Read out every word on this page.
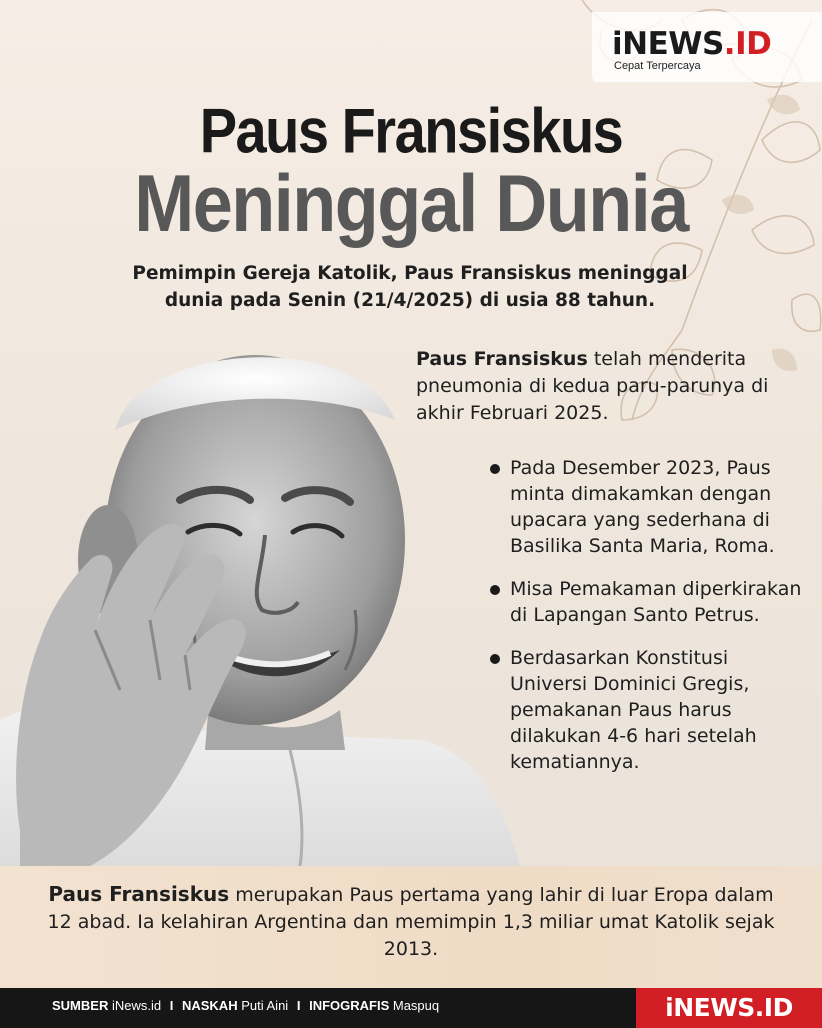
iNEWS.ID
Cepat Terpercaya
Paus Fransiskus
Meninggal Dunia
Pemimpin Gereja Katolik, Paus Fransiskus meninggal
dunia pada Senin (21/4/2025) di usia 88 tahun.

Paus Fransiskus telah menderita pneumonia di kedua paru-parunya di akhir Februari 2025.

Pada Desember 2023, Paus minta dimakamkan dengan upacara yang sederhana di Basilika Santa Maria, Roma.
Misa Pemakaman diperkirakan di Lapangan Santo Petrus.
Berdasarkan Konstitusi Universi Dominici Gregis, pemakanan Paus harus dilakukan 4-6 hari setelah kematiannya.

Paus Fransiskus merupakan Paus pertama yang lahir di luar Eropa dalam 12 abad. Ia kelahiran Argentina dan memimpin 1,3 miliar umat Katolik sejak 2013.

SUMBER iNews.id I NASKAH Puti Aini I INFOGRAFIS Maspuq	iNEWS.ID
